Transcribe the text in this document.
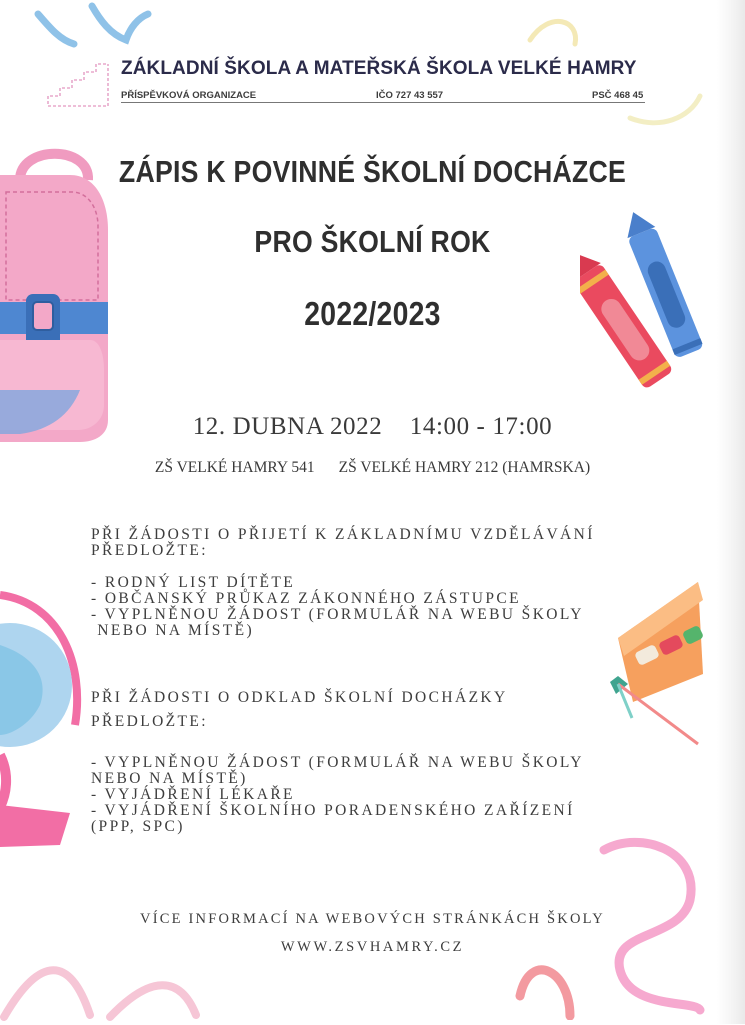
ZÁKLADNÍ ŠKOLA A MATEŘSKÁ ŠKOLA VELKÉ HAMRY
PŘÍSPĚVKOVÁ ORGANIZACE	IČO 727 43 557	PSČ 468 45
ZÁPIS K POVINNÉ ŠKOLNÍ DOCHÁZCE
PRO ŠKOLNÍ ROK
2022/2023
12. DUBNA 2022 14:00 - 17:00
ZŠ VELKÉ HAMRY 541 ZŠ VELKÉ HAMRY 212 (HAMRSKA)
PŘI ŽÁDOSTI O PŘIJETÍ K ZÁKLADNÍMU VZDĚLÁVÁNÍ
PŘEDLOŽTE:
- RODNÝ LIST DÍTĚTE
- OBČANSKÝ PRŮKAZ ZÁKONNÉHO ZÁSTUPCE
- VYPLNĚNOU ŽÁDOST (FORMULÁŘ NA WEBU ŠKOLY
NEBO NA MÍSTĚ)
PŘI ŽÁDOSTI O ODKLAD ŠKOLNÍ DOCHÁZKY
PŘEDLOŽTE:
- VYPLNĚNOU ŽÁDOST (FORMULÁŘ NA WEBU ŠKOLY
NEBO NA MÍSTĚ)
- VYJÁDŘENÍ LÉKAŘE
- VYJÁDŘENÍ ŠKOLNÍHO PORADENSKÉHO ZAŘÍZENÍ
(PPP, SPC)
VÍCE INFORMACÍ NA WEBOVÝCH STRÁNKÁCH ŠKOLY
WWW.ZSVHAMRY.CZ
